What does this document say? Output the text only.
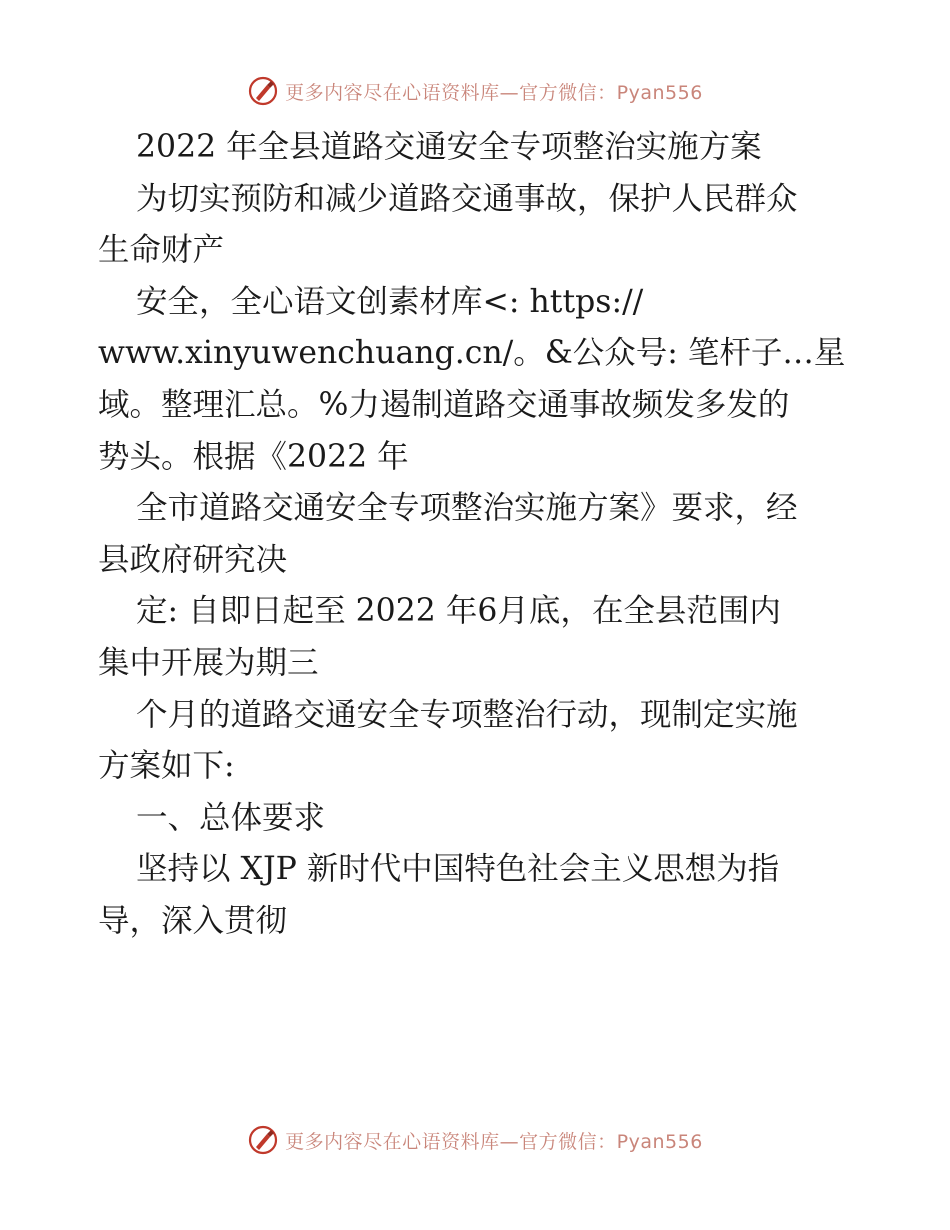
更多内容尽在心语资料库—官方微信：Pyan556
2022 年全县道路交通安全专项整治实施方案
为切实预防和减少道路交通事故，保护人民群众
生命财产
安全，全心语文创素材库<: https://
www.xinyuwenchuang.cn/。&公众号: 笔杆子…星
域。整理汇总。%力遏制道路交通事故频发多发的
势头。根据《2022 年
全市道路交通安全专项整治实施方案》要求，经
县政府研究决
定: 自即日起至 2022 年6月底，在全县范围内
集中开展为期三
个月的道路交通安全专项整治行动，现制定实施
方案如下:
一、总体要求
坚持以 XJP 新时代中国特色社会主义思想为指
导，深入贯彻
更多内容尽在心语资料库—官方微信：Pyan556
